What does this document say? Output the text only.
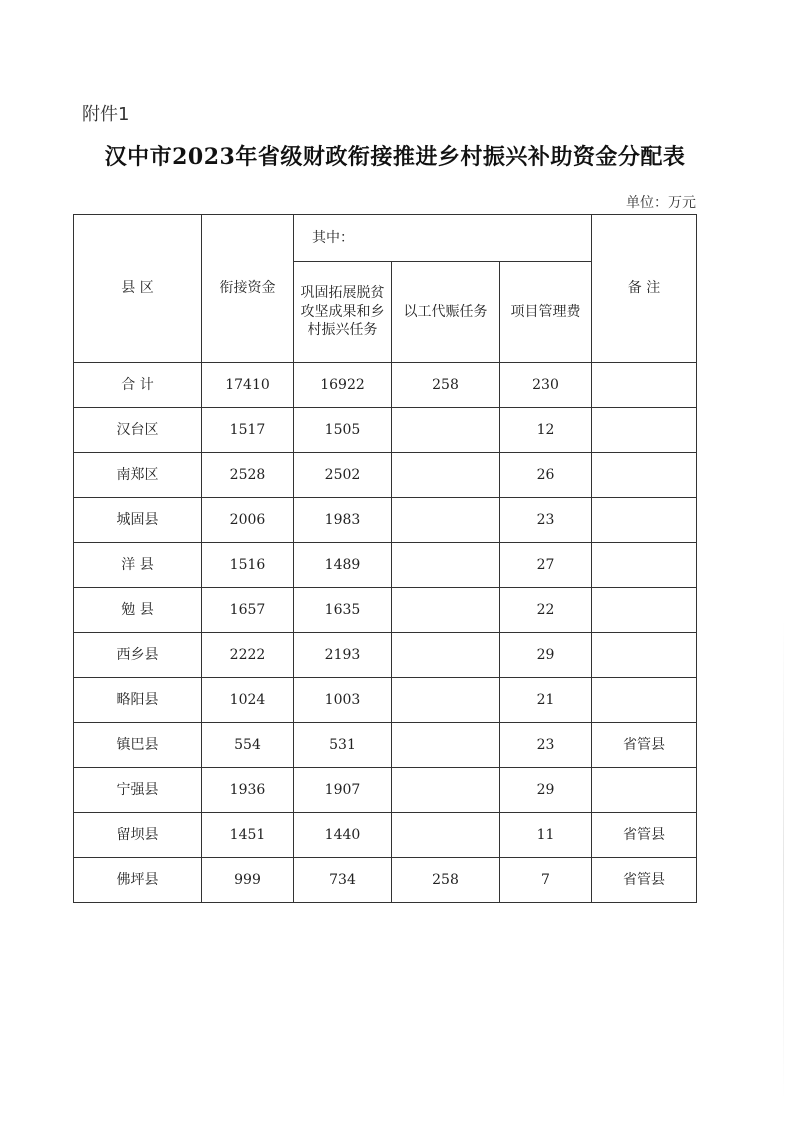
附件1
汉中市2023年省级财政衔接推进乡村振兴补助资金分配表
单位：万元
县 区	衔接资金	其中：			备 注
		巩固拓展脱贫攻坚成果和乡村振兴任务	以工代赈任务	项目管理费	
合 计	17410	16922	258	230	
汉台区	1517	1505		12	
南郑区	2528	2502		26	
城固县	2006	1983		23	
洋 县	1516	1489		27	
勉 县	1657	1635		22	
西乡县	2222	2193		29	
略阳县	1024	1003		21	
镇巴县	554	531		23	省管县
宁强县	1936	1907		29	
留坝县	1451	1440		11	省管县
佛坪县	999	734	258	7	省管县
